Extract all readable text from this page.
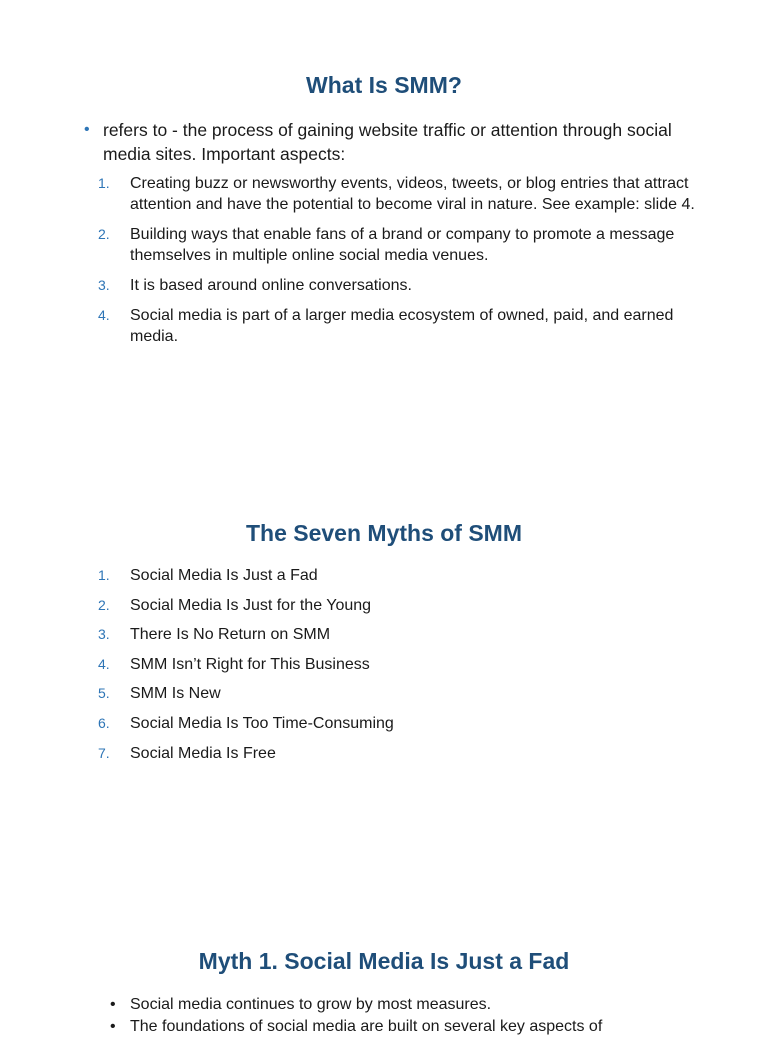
What Is SMM?
• refers to - the process of gaining website traffic or attention through social media sites. Important aspects:
1. Creating buzz or newsworthy events, videos, tweets, or blog entries that attract attention and have the potential to become viral in nature. See example: slide 4.
2. Building ways that enable fans of a brand or company to promote a message themselves in multiple online social media venues.
3. It is based around online conversations.
4. Social media is part of a larger media ecosystem of owned, paid, and earned media.
The Seven Myths of SMM
1. Social Media Is Just a Fad
2. Social Media Is Just for the Young
3. There Is No Return on SMM
4. SMM Isn’t Right for This Business
5. SMM Is New
6. Social Media Is Too Time-Consuming
7. Social Media Is Free
Myth 1. Social Media Is Just a Fad
• Social media continues to grow by most measures.
• The foundations of social media are built on several key aspects of
